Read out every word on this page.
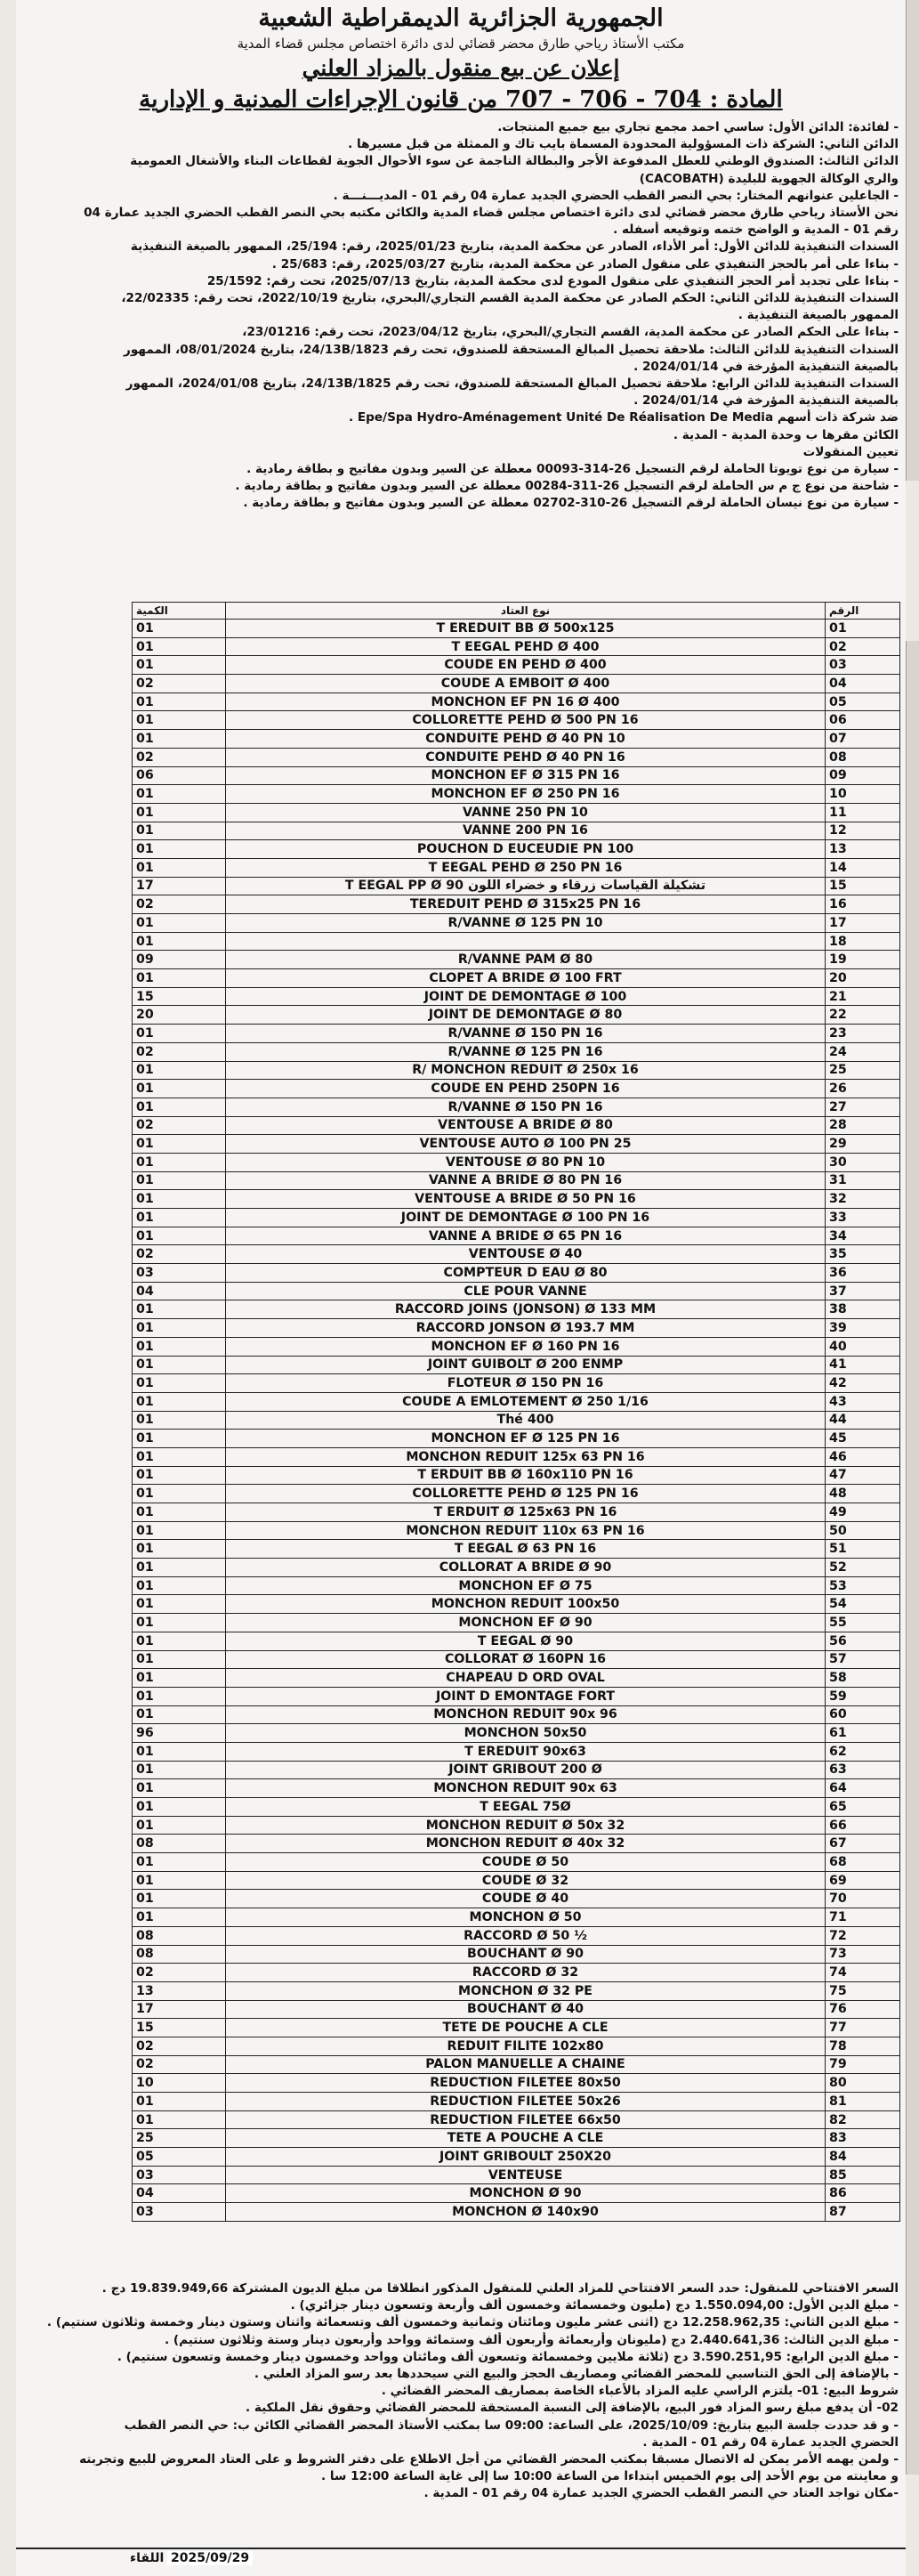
الجمهورية الجزائرية الديمقراطية الشعبية
مكتب الأستاذ رياحي طارق محضر قضائي لدى دائرة اختصاص مجلس قضاء المدية
إعلان عن بيع منقول بالمزاد العلني
المادة : 704 - 706 - 707 من قانون الإجراءات المدنية و الإدارية

- لفائدة: الدائن الأول: ساسي احمد مجمع تجاري بيع جميع المنتجات.

الدائن الثاني: الشركة ذات المسؤولية المحدودة المسماة بايب تاك و الممثلة من قبل مسيرها .

الدائن الثالث: الصندوق الوطني للعطل المدفوعة الأجر والبطالة الناجمة عن سوء الأحوال الجوية لقطاعات البناء والأشغال العمومية

والري الوكالة الجهوية للبليدة (CACOBATH)

- الجاعلين عنوانهم المختار: بحي النصر القطب الحضري الجديد عمارة 04 رقم 01 - المديـــنـــة .

نحن الأستاذ رياحي طارق محضر قضائي لدى دائرة اختصاص مجلس قضاء المدية والكائن مكتبه بحي النصر القطب الحضري الجديد عمارة 04

رقم 01 - المدية و الواضح ختمه وتوقيعه أسفله .

السندات التنفيذية للدائن الأول: أمر الأداء، الصادر عن محكمة المدية، بتاريخ 2025/01/23، رقم: 25/194، الممهور بالصيغة التنفيذية

- بناءا على أمر بالحجز التنفيذي على منقول الصادر عن محكمة المدية، بتاريخ 2025/03/27، رقم: 25/683 .

- بناءا على تجديد أمر الحجز التنفيذي على منقول المودع لدى محكمة المدية، بتاريخ 2025/07/13، تحت رقم: 25/1592

السندات التنفيذية للدائن الثاني: الحكم الصادر عن محكمة المدية القسم التجاري/البحري، بتاريخ 2022/10/19، تحت رقم: 22/02335،

الممهور بالصيغة التنفيذية .

- بناءا على الحكم الصادر عن محكمة المدية، القسم التجاري/البحري، بتاريخ 2023/04/12، تحت رقم: 23/01216،

السندات التنفيذية للدائن الثالث: ملاحقة تحصيل المبالغ المستحقة للصندوق، تحت رقم 24/13B/1823، بتاريخ 08/01/2024، الممهور

بالصيغة التنفيذية المؤرخة في 2024/01/14 .

السندات التنفيذية للدائن الرابع: ملاحقة تحصيل المبالغ المستحقة للصندوق، تحت رقم 24/13B/1825، بتاريخ 2024/01/08، الممهور

بالصيغة التنفيذية المؤرخة في 2024/01/14 .

ضد شركة ذات أسهم Epe/Spa Hydro-Aménagement Unité De Réalisation De Media .

الكائن مقرها ب وحدة المدية - المدية .

تعيين المنقولات

- سيارة من نوع تويوتا الحاملة لرقم التسجيل 26-314-00093 معطلة عن السير وبدون مفاتيح و بطاقة رمادية .

- شاحنة من نوع ج م س الحاملة لرقم التسجيل 26-311-00284 معطلة عن السير وبدون مفاتيح و بطاقة رمادية .

- سيارة من نوع نيسان الحاملة لرقم التسجيل 26-310-02702 معطلة عن السير وبدون مفاتيح و بطاقة رمادية .

الرقم	نوع العتاد	الكمية
01	T EREDUIT BB Ø 500x125	01
02	T EEGAL PEHD Ø 400	01
03	COUDE EN PEHD Ø 400	01
04	COUDE A EMBOIT Ø 400	02
05	MONCHON EF PN 16 Ø 400	01
06	COLLORETTE PEHD Ø 500 PN 16	01
07	CONDUITE PEHD Ø 40 PN 10	01
08	CONDUITE PEHD Ø 40 PN 16	02
09	MONCHON EF Ø 315 PN 16	06
10	MONCHON EF Ø 250 PN 16	01
11	VANNE 250 PN 10	01
12	VANNE 200 PN 16	01
13	POUCHON D EUCEUDIE PN 100	01
14	T EEGAL PEHD Ø 250 PN 16	01
15	T EEGAL PP Ø 90 تشكيلة القياسات زرقاء و خضراء اللون	17
16	TEREDUIT PEHD Ø 315x25 PN 16	02
17	R/VANNE Ø 125 PN 10	01
18		01
19	R/VANNE PAM Ø 80	09
20	CLOPET A BRIDE Ø 100 FRT	01
21	JOINT DE DEMONTAGE Ø 100	15
22	JOINT DE DEMONTAGE Ø 80	20
23	R/VANNE Ø 150 PN 16	01
24	R/VANNE Ø 125 PN 16	02
25	R/ MONCHON REDUIT Ø 250x 16	01
26	COUDE EN PEHD 250PN 16	01
27	R/VANNE Ø 150 PN 16	01
28	VENTOUSE A BRIDE Ø 80	02
29	VENTOUSE AUTO Ø 100 PN 25	01
30	VENTOUSE Ø 80 PN 10	01
31	VANNE A BRIDE Ø 80 PN 16	01
32	VENTOUSE A BRIDE Ø 50 PN 16	01
33	JOINT DE DEMONTAGE Ø 100 PN 16	01
34	VANNE A BRIDE Ø 65 PN 16	01
35	VENTOUSE Ø 40	02
36	COMPTEUR D EAU Ø 80	03
37	CLE POUR VANNE	04
38	RACCORD JOINS (JONSON) Ø 133 MM	01
39	RACCORD JONSON Ø 193.7 MM	01
40	MONCHON EF Ø 160 PN 16	01
41	JOINT GUIBOLT Ø 200 ENMP	01
42	FLOTEUR Ø 150 PN 16	01
43	COUDE A EMLOTEMENT Ø 250 1/16	01
44	Thé 400	01
45	MONCHON EF Ø 125 PN 16	01
46	MONCHON REDUIT 125x 63 PN 16	01
47	T ERDUIT BB Ø 160x110 PN 16	01
48	COLLORETTE PEHD Ø 125 PN 16	01
49	T ERDUIT Ø 125x63 PN 16	01
50	MONCHON REDUIT 110x 63 PN 16	01
51	T EEGAL Ø 63 PN 16	01
52	COLLORAT A BRIDE Ø 90	01
53	MONCHON EF Ø 75	01
54	MONCHON REDUIT 100x50	01
55	MONCHON EF Ø 90	01
56	T EEGAL Ø 90	01
57	COLLORAT Ø 160PN 16	01
58	CHAPEAU D ORD OVAL	01
59	JOINT D EMONTAGE FORT	01
60	MONCHON REDUIT 90x 96	01
61	MONCHON 50x50	96
62	T EREDUIT 90x63	01
63	JOINT GRIBOUT 200 Ø	01
64	MONCHON REDUIT 90x 63	01
65	T EEGAL 75Ø	01
66	MONCHON REDUIT Ø 50x 32	01
67	MONCHON REDUIT Ø 40x 32	08
68	COUDE Ø 50	01
69	COUDE Ø 32	01
70	COUDE Ø 40	01
71	MONCHON Ø 50	01
72	RACCORD Ø 50 ½	08
73	BOUCHANT Ø 90	08
74	RACCORD Ø 32	02
75	MONCHON Ø 32 PE	13
76	BOUCHANT Ø 40	17
77	TETE DE POUCHE A CLE	15
78	REDUIT FILITE 102x80	02
79	PALON MANUELLE A CHAINE	02
80	REDUCTION FILETEE 80x50	10
81	REDUCTION FILETEE 50x26	01
82	REDUCTION FILETEE 66x50	01
83	TETE A POUCHE A CLE	25
84	JOINT GRIBOULT 250X20	05
85	VENTEUSE	03
86	MONCHON Ø 90	04
87	MONCHON Ø 140x90	03

السعر الافتتاحي للمنقول: حدد السعر الافتتاحي للمزاد العلني للمنقول المذكور انطلاقا من مبلغ الديون المشتركة 19.839.949,66 دج .

- مبلغ الدين الأول: 1.550.094,00 دج (مليون وخمسمائة وخمسون ألف وأربعة وتسعون دينار جزائري) .

- مبلغ الدين الثاني: 12.258.962,35 دج (اثنى عشر مليون ومائتان وثمانية وخمسون ألف وتسعمائة واثنان وستون دينار وخمسة وثلاثون سنتيم) .

- مبلغ الدين الثالث: 2.440.641,36 دج (مليونان وأربعمائة وأربعون ألف وستمائة وواحد وأربعون دينار وستة وثلاثون سنتيم) .

- مبلغ الدين الرابع: 3.590.251,95 دج (ثلاثة ملايين وخمسمائة وتسعون ألف ومائتان وواحد وخمسون دينار وخمسة وتسعون سنتيم) .

- بالإضافة إلى الحق التناسبي للمحضر القضائي ومصاريف الحجز والبيع التي سيحددها بعد رسو المزاد العلني .

شروط البيع: 01- يلتزم الراسي عليه المزاد بالأعباء الخاصة بمصاريف المحضر القضائي .

02- أن يدفع مبلغ رسو المزاد فور البيع، بالإضافة إلى النسبة المستحقة للمحضر القضائي وحقوق نقل الملكية .

- و قد حددت جلسة البيع بتاريخ: 2025/10/09، على الساعة: 09:00 سا بمكتب الأستاذ المحضر القضائي الكائن ب: حي النصر القطب

الحضري الجديد عمارة 04 رقم 01 - المدية .

- ولمن يهمه الأمر يمكن له الاتصال مسبقا بمكتب المحضر القضائي من أجل الاطلاع على دفتر الشروط و على العتاد المعروض للبيع وتجربته

و معاينته من يوم الأحد إلى يوم الخميس ابتداءا من الساعة 10:00 سا إلى غاية الساعة 12:00 سا .

-مكان تواجد العتاد حي النصر القطب الحضري الجديد عمارة 04 رقم 01 - المدية .

2025/09/29
اللقاء
